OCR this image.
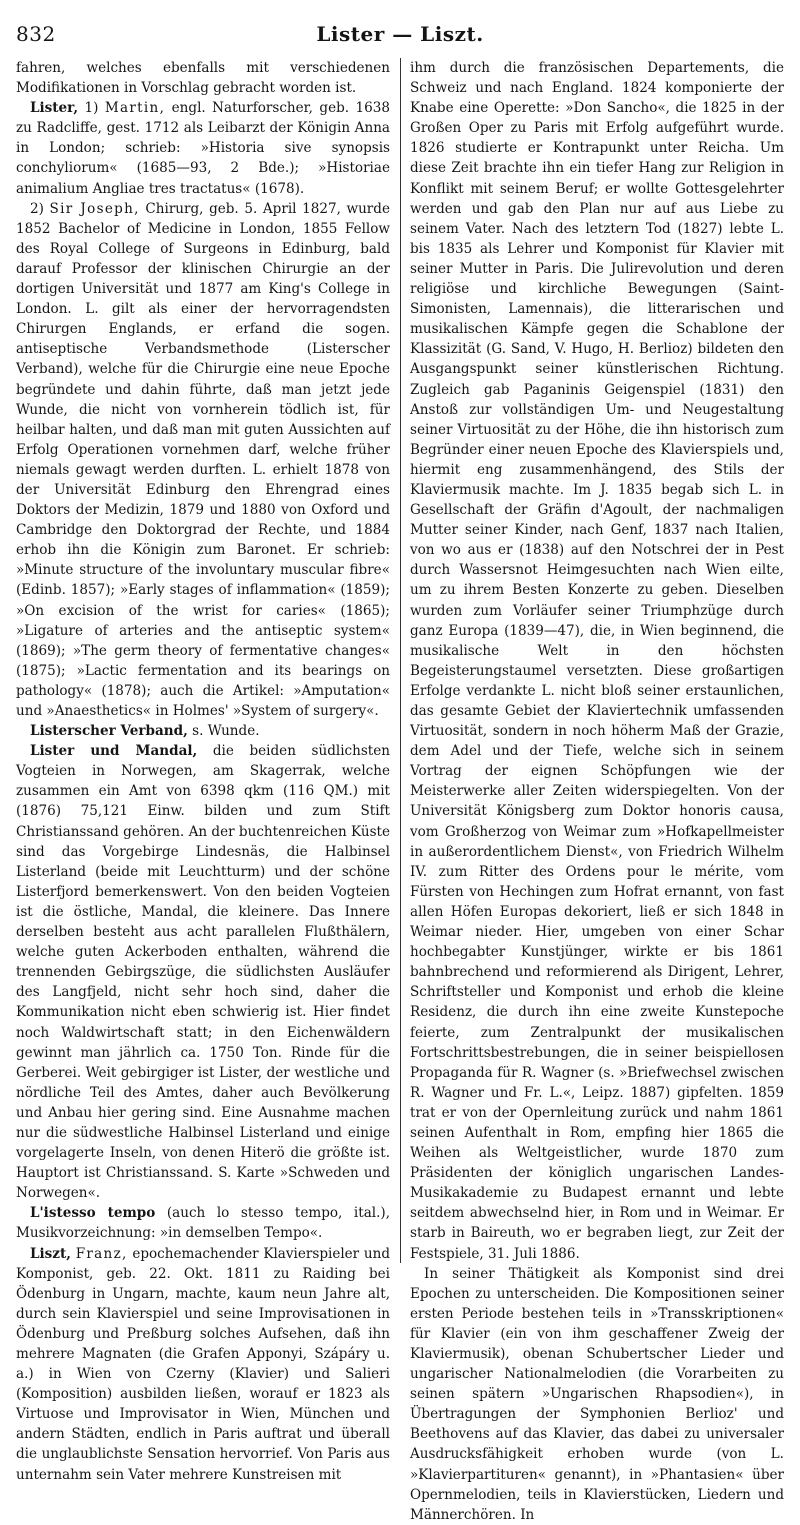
832	Lister — Liszt.

fahren, welches ebenfalls mit verschiedenen Modifikationen in Vorschlag gebracht worden ist.

Lister, 1) Martin, engl. Naturforscher, geb. 1638 zu Radcliffe, gest. 1712 als Leibarzt der Königin Anna in London; schrieb: »Historia sive synopsis conchyliorum« (1685—93, 2 Bde.); »Historiae animalium Angliae tres tractatus« (1678).

2) Sir Joseph, Chirurg, geb. 5. April 1827, wurde 1852 Bachelor of Medicine in London, 1855 Fellow des Royal College of Surgeons in Edinburg, bald darauf Professor der klinischen Chirurgie an der dortigen Universität und 1877 am King's College in London. L. gilt als einer der hervorragendsten Chirurgen Englands, er erfand die sogen. antiseptische Verbandsmethode (Listerscher Verband), welche für die Chirurgie eine neue Epoche begründete und dahin führte, daß man jetzt jede Wunde, die nicht von vornherein tödlich ist, für heilbar halten, und daß man mit guten Aussichten auf Erfolg Operationen vornehmen darf, welche früher niemals gewagt werden durften. L. erhielt 1878 von der Universität Edinburg den Ehrengrad eines Doktors der Medizin, 1879 und 1880 von Oxford und Cambridge den Doktorgrad der Rechte, und 1884 erhob ihn die Königin zum Baronet. Er schrieb: »Minute structure of the involuntary muscular fibre« (Edinb. 1857); »Early stages of inflammation« (1859); »On excision of the wrist for caries« (1865); »Ligature of arteries and the antiseptic system« (1869); »The germ theory of fermentative changes« (1875); »Lactic fermentation and its bearings on pathology« (1878); auch die Artikel: »Amputation« und »Anaesthetics« in Holmes' »System of surgery«.

Listerscher Verband, s. Wunde.

Lister und Mandal, die beiden südlichsten Vogteien in Norwegen, am Skagerrak, welche zusammen ein Amt von 6398 qkm (116 QM.) mit (1876) 75,121 Einw. bilden und zum Stift Christianssand gehören. An der buchtenreichen Küste sind das Vorgebirge Lindesnäs, die Halbinsel Listerland (beide mit Leuchtturm) und der schöne Listerfjord bemerkenswert. Von den beiden Vogteien ist die östliche, Mandal, die kleinere. Das Innere derselben besteht aus acht parallelen Flußthälern, welche guten Ackerboden enthalten, während die trennenden Gebirgszüge, die südlichsten Ausläufer des Langfjeld, nicht sehr hoch sind, daher die Kommunikation nicht eben schwierig ist. Hier findet noch Waldwirtschaft statt; in den Eichenwäldern gewinnt man jährlich ca. 1750 Ton. Rinde für die Gerberei. Weit gebirgiger ist Lister, der westliche und nördliche Teil des Amtes, daher auch Bevölkerung und Anbau hier gering sind. Eine Ausnahme machen nur die südwestliche Halbinsel Listerland und einige vorgelagerte Inseln, von denen Hiterö die größte ist. Hauptort ist Christianssand. S. Karte »Schweden und Norwegen«.

L'istesso tempo (auch lo stesso tempo, ital.), Musikvorzeichnung: »in demselben Tempo«.

Liszt, Franz, epochemachender Klavierspieler und Komponist, geb. 22. Okt. 1811 zu Raiding bei Ödenburg in Ungarn, machte, kaum neun Jahre alt, durch sein Klavierspiel und seine Improvisationen in Ödenburg und Preßburg solches Aufsehen, daß ihn mehrere Magnaten (die Grafen Apponyi, Szápáry u. a.) in Wien von Czerny (Klavier) und Salieri (Komposition) ausbilden ließen, worauf er 1823 als Virtuose und Improvisator in Wien, München und andern Städten, endlich in Paris auftrat und überall die unglaublichste Sensation hervorrief. Von Paris aus unternahm sein Vater mehrere Kunstreisen mit

ihm durch die französischen Departements, die Schweiz und nach England. 1824 komponierte der Knabe eine Operette: »Don Sancho«, die 1825 in der Großen Oper zu Paris mit Erfolg aufgeführt wurde. 1826 studierte er Kontrapunkt unter Reicha. Um diese Zeit brachte ihn ein tiefer Hang zur Religion in Konflikt mit seinem Beruf; er wollte Gottesgelehrter werden und gab den Plan nur auf aus Liebe zu seinem Vater. Nach des letztern Tod (1827) lebte L. bis 1835 als Lehrer und Komponist für Klavier mit seiner Mutter in Paris. Die Julirevolution und deren religiöse und kirchliche Bewegungen (Saint-Simonisten, Lamennais), die litterarischen und musikalischen Kämpfe gegen die Schablone der Klassizität (G. Sand, V. Hugo, H. Berlioz) bildeten den Ausgangspunkt seiner künstlerischen Richtung. Zugleich gab Paganinis Geigenspiel (1831) den Anstoß zur vollständigen Um- und Neugestaltung seiner Virtuosität zu der Höhe, die ihn historisch zum Begründer einer neuen Epoche des Klavierspiels und, hiermit eng zusammenhängend, des Stils der Klaviermusik machte. Im J. 1835 begab sich L. in Gesellschaft der Gräfin d'Agoult, der nachmaligen Mutter seiner Kinder, nach Genf, 1837 nach Italien, von wo aus er (1838) auf den Notschrei der in Pest durch Wassersnot Heimgesuchten nach Wien eilte, um zu ihrem Besten Konzerte zu geben. Dieselben wurden zum Vorläufer seiner Triumphzüge durch ganz Europa (1839—47), die, in Wien beginnend, die musikalische Welt in den höchsten Begeisterungstaumel versetzten. Diese großartigen Erfolge verdankte L. nicht bloß seiner erstaunlichen, das gesamte Gebiet der Klaviertechnik umfassenden Virtuosität, sondern in noch höherm Maß der Grazie, dem Adel und der Tiefe, welche sich in seinem Vortrag der eignen Schöpfungen wie der Meisterwerke aller Zeiten widerspiegelten. Von der Universität Königsberg zum Doktor honoris causa, vom Großherzog von Weimar zum »Hofkapellmeister in außerordentlichem Dienst«, von Friedrich Wilhelm IV. zum Ritter des Ordens pour le mérite, vom Fürsten von Hechingen zum Hofrat ernannt, von fast allen Höfen Europas dekoriert, ließ er sich 1848 in Weimar nieder. Hier, umgeben von einer Schar hochbegabter Kunstjünger, wirkte er bis 1861 bahnbrechend und reformierend als Dirigent, Lehrer, Schriftsteller und Komponist und erhob die kleine Residenz, die durch ihn eine zweite Kunstepoche feierte, zum Zentralpunkt der musikalischen Fortschrittsbestrebungen, die in seiner beispiellosen Propaganda für R. Wagner (s. »Briefwechsel zwischen R. Wagner und Fr. L.«, Leipz. 1887) gipfelten. 1859 trat er von der Opernleitung zurück und nahm 1861 seinen Aufenthalt in Rom, empfing hier 1865 die Weihen als Weltgeistlicher, wurde 1870 zum Präsidenten der königlich ungarischen Landes-Musikakademie zu Budapest ernannt und lebte seitdem abwechselnd hier, in Rom und in Weimar. Er starb in Baireuth, wo er begraben liegt, zur Zeit der Festspiele, 31. Juli 1886.

In seiner Thätigkeit als Komponist sind drei Epochen zu unterscheiden. Die Kompositionen seiner ersten Periode bestehen teils in »Transskriptionen« für Klavier (ein von ihm geschaffener Zweig der Klaviermusik), obenan Schubertscher Lieder und ungarischer Nationalmelodien (die Vorarbeiten zu seinen spätern »Ungarischen Rhapsodien«), in Übertragungen der Symphonien Berlioz' und Beethovens auf das Klavier, das dabei zu universaler Ausdrucksfähigkeit erhoben wurde (von L. »Klavierpartituren« genannt), in »Phantasien« über Opernmelodien, teils in Klavierstücken, Liedern und Männerchören. In
